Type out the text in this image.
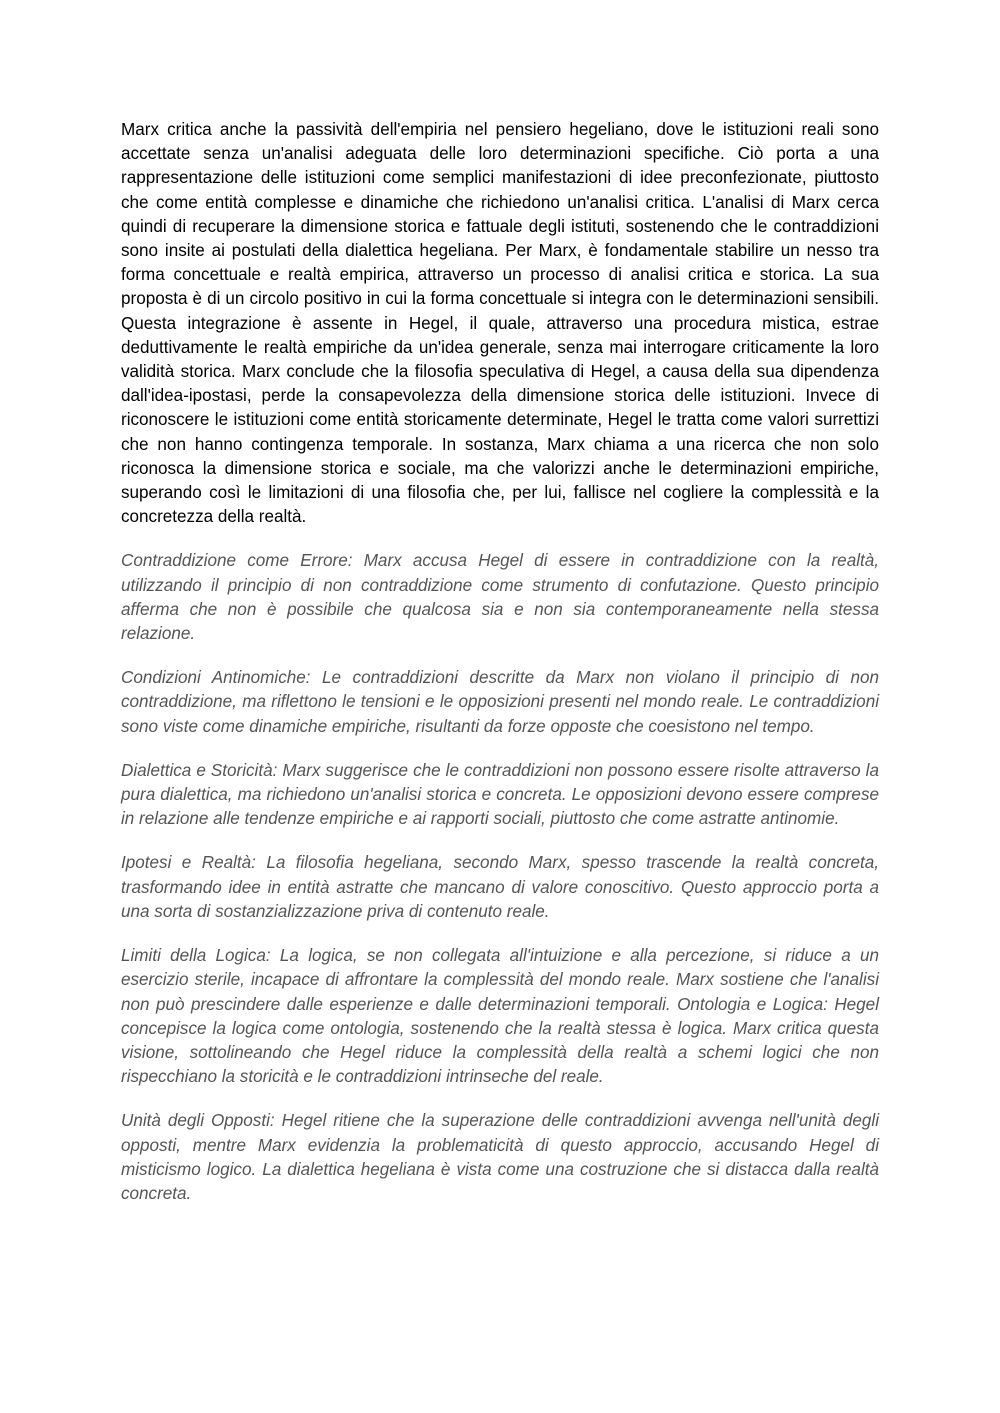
Marx critica anche la passività dell'empiria nel pensiero hegeliano, dove le istituzioni reali sono accettate senza un'analisi adeguata delle loro determinazioni specifiche. Ciò porta a una rappresentazione delle istituzioni come semplici manifestazioni di idee preconfezionate, piuttosto che come entità complesse e dinamiche che richiedono un'analisi critica. L'analisi di Marx cerca quindi di recuperare la dimensione storica e fattuale degli istituti, sostenendo che le contraddizioni sono insite ai postulati della dialettica hegeliana. Per Marx, è fondamentale stabilire un nesso tra forma concettuale e realtà empirica, attraverso un processo di analisi critica e storica. La sua proposta è di un circolo positivo in cui la forma concettuale si integra con le determinazioni sensibili. Questa integrazione è assente in Hegel, il quale, attraverso una procedura mistica, estrae deduttivamente le realtà empiriche da un'idea generale, senza mai interrogare criticamente la loro validità storica. Marx conclude che la filosofia speculativa di Hegel, a causa della sua dipendenza dall'idea-ipostasi, perde la consapevolezza della dimensione storica delle istituzioni. Invece di riconoscere le istituzioni come entità storicamente determinate, Hegel le tratta come valori surrettizi che non hanno contingenza temporale. In sostanza, Marx chiama a una ricerca che non solo riconosca la dimensione storica e sociale, ma che valorizzi anche le determinazioni empiriche, superando così le limitazioni di una filosofia che, per lui, fallisce nel cogliere la complessità e la concretezza della realtà.

Contraddizione come Errore: Marx accusa Hegel di essere in contraddizione con la realtà, utilizzando il principio di non contraddizione come strumento di confutazione. Questo principio afferma che non è possibile che qualcosa sia e non sia contemporaneamente nella stessa relazione.

Condizioni Antinomiche: Le contraddizioni descritte da Marx non violano il principio di non contraddizione, ma riflettono le tensioni e le opposizioni presenti nel mondo reale. Le contraddizioni sono viste come dinamiche empiriche, risultanti da forze opposte che coesistono nel tempo.

Dialettica e Storicità: Marx suggerisce che le contraddizioni non possono essere risolte attraverso la pura dialettica, ma richiedono un'analisi storica e concreta. Le opposizioni devono essere comprese in relazione alle tendenze empiriche e ai rapporti sociali, piuttosto che come astratte antinomie.

Ipotesi e Realtà: La filosofia hegeliana, secondo Marx, spesso trascende la realtà concreta, trasformando idee in entità astratte che mancano di valore conoscitivo. Questo approccio porta a una sorta di sostanzializzazione priva di contenuto reale.

Limiti della Logica: La logica, se non collegata all'intuizione e alla percezione, si riduce a un esercizio sterile, incapace di affrontare la complessità del mondo reale. Marx sostiene che l'analisi non può prescindere dalle esperienze e dalle determinazioni temporali. Ontologia e Logica: Hegel concepisce la logica come ontologia, sostenendo che la realtà stessa è logica. Marx critica questa visione, sottolineando che Hegel riduce la complessità della realtà a schemi logici che non rispecchiano la storicità e le contraddizioni intrinseche del reale.

Unità degli Opposti: Hegel ritiene che la superazione delle contraddizioni avvenga nell'unità degli opposti, mentre Marx evidenzia la problematicità di questo approccio, accusando Hegel di misticismo logico. La dialettica hegeliana è vista come una costruzione che si distacca dalla realtà concreta.
